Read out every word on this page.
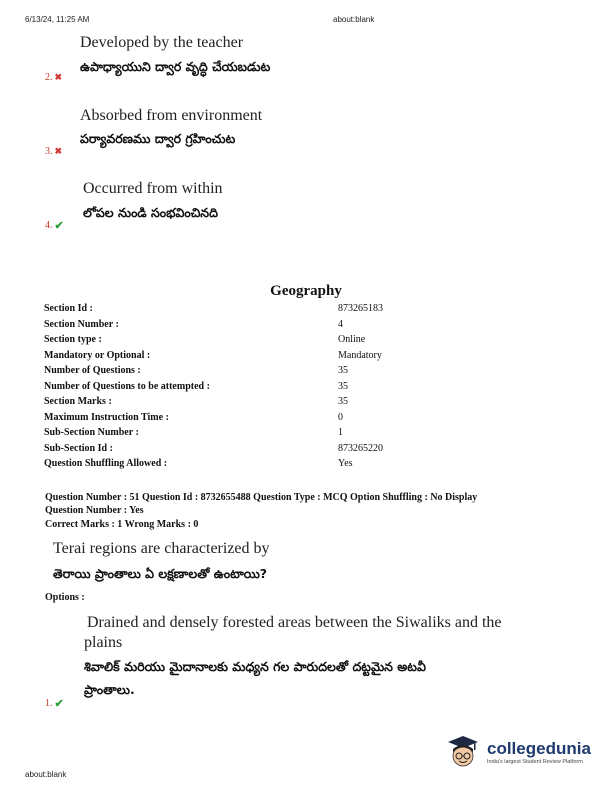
6/13/24, 11:25 AM	about:blank
Developed by the teacher
ఉపాధ్యాయుని ద్వార వృద్ధి చేయబడుట
2. ✖
Absorbed from environment
పర్యావరణము ద్వార గ్రహించుట
3. ✖
Occurred from within
లోపల నుండి సంభవించినది
4. ✔
Geography
Section Id :	873265183
Section Number :	4
Section type :	Online
Mandatory or Optional :	Mandatory
Number of Questions :	35
Number of Questions to be attempted :	35
Section Marks :	35
Maximum Instruction Time :	0
Sub-Section Number :	1
Sub-Section Id :	873265220
Question Shuffling Allowed :	Yes
Question Number : 51 Question Id : 8732655488 Question Type : MCQ Option Shuffling : No Display
Question Number : Yes
Correct Marks : 1 Wrong Marks : 0
Terai regions are characterized by
తెరాయి ప్రాంతాలు ఏ లక్షణాలతో ఉంటాయి?
Options :
Drained and densely forested areas between the Siwaliks and the
plains
శివాలిక్ మరియు మైదానాలకు మధ్యన గల పారుదలతో దట్టమైన అటవీ
ప్రాంతాలు.
1. ✔
about:blank
collegedunia
India's largest Student Review Platform
